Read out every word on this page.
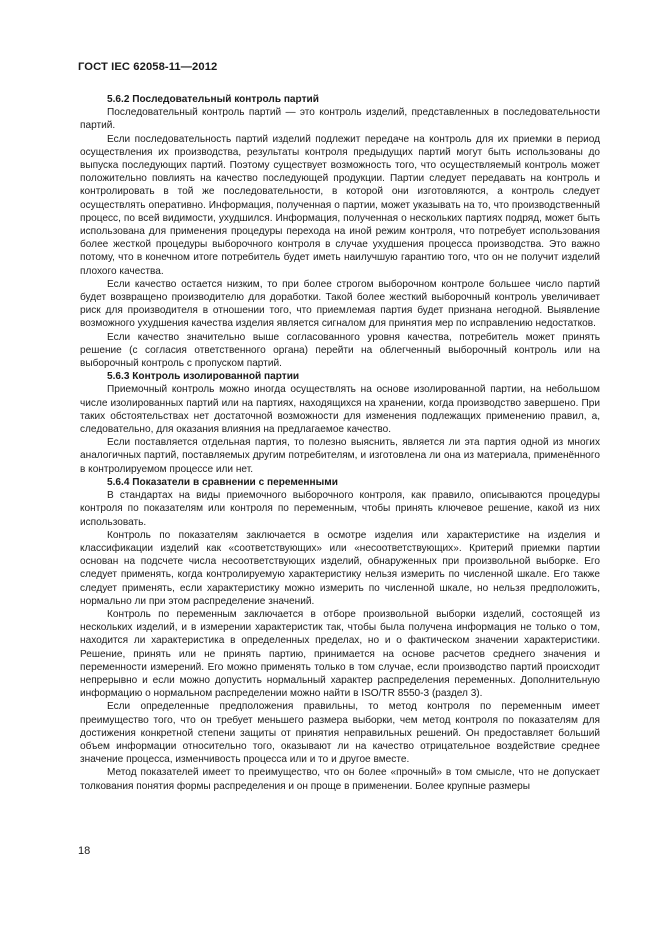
ГОСТ IEC 62058-11—2012
5.6.2 Последовательный контроль партий

Последовательный контроль партий — это контроль изделий, представленных в последовательности партий.

Если последовательность партий изделий подлежит передаче на контроль для их приемки в период осуществления их производства, результаты контроля предыдущих партий могут быть использованы до выпуска последующих партий. Поэтому существует возможность того, что осуществляемый контроль может положительно повлиять на качество последующей продукции. Партии следует передавать на контроль и контролировать в той же последовательности, в которой они изготовляются, а контроль следует осуществлять оперативно. Информация, полученная о партии, может указывать на то, что производственный процесс, по всей видимости, ухудшился. Информация, полученная о нескольких партиях подряд, может быть использована для применения процедуры перехода на иной режим контроля, что потребует использования более жесткой процедуры выборочного контроля в случае ухудшения процесса производства. Это важно потому, что в конечном итоге потребитель будет иметь наилучшую гарантию того, что он не получит изделий плохого качества.

Если качество остается низким, то при более строгом выборочном контроле большее число партий будет возвращено производителю для доработки. Такой более жесткий выборочный контроль увеличивает риск для производителя в отношении того, что приемлемая партия будет признана негодной. Выявление возможного ухудшения качества изделия является сигналом для принятия мер по исправлению недостатков.

Если качество значительно выше согласованного уровня качества, потребитель может принять решение (с согласия ответственного органа) перейти на облегченный выборочный контроль или на выборочный контроль с пропуском партий.

5.6.3 Контроль изолированной партии

Приемочный контроль можно иногда осуществлять на основе изолированной партии, на небольшом числе изолированных партий или на партиях, находящихся на хранении, когда производство завершено. При таких обстоятельствах нет достаточной возможности для изменения подлежащих применению правил, а, следовательно, для оказания влияния на предлагаемое качество.

Если поставляется отдельная партия, то полезно выяснить, является ли эта партия одной из многих аналогичных партий, поставляемых другим потребителям, и изготовлена ли она из материала, применённого в контролируемом процессе или нет.

5.6.4 Показатели в сравнении с переменными

В стандартах на виды приемочного выборочного контроля, как правило, описываются процедуры контроля по показателям или контроля по переменным, чтобы принять ключевое решение, какой из них использовать.

Контроль по показателям заключается в осмотре изделия или характеристике на изделия и классификации изделий как «соответствующих» или «несоответствующих». Критерий приемки партии основан на подсчете числа несоответствующих изделий, обнаруженных при произвольной выборке. Его следует применять, когда контролируемую характеристику нельзя измерить по численной шкале. Его также следует применять, если характеристику можно измерить по численной шкале, но нельзя предположить, нормально ли при этом распределение значений.

Контроль по переменным заключается в отборе произвольной выборки изделий, состоящей из нескольких изделий, и в измерении характеристик так, чтобы была получена информация не только о том, находится ли характеристика в определенных пределах, но и о фактическом значении характеристики. Решение, принять или не принять партию, принимается на основе расчетов среднего значения и переменности измерений. Его можно применять только в том случае, если производство партий происходит непрерывно и если можно допустить нормальный характер распределения переменных. Дополнительную информацию о нормальном распределении можно найти в ISO/TR 8550-3 (раздел 3).

Если определенные предположения правильны, то метод контроля по переменным имеет преимущество того, что он требует меньшего размера выборки, чем метод контроля по показателям для достижения конкретной степени защиты от принятия неправильных решений. Он предоставляет больший объем информации относительно того, оказывают ли на качество отрицательное воздействие среднее значение процесса, изменчивость процесса или и то и другое вместе.

Метод показателей имеет то преимущество, что он более «прочный» в том смысле, что не допускает толкования понятия формы распределения и он проще в применении. Более крупные размеры

18
